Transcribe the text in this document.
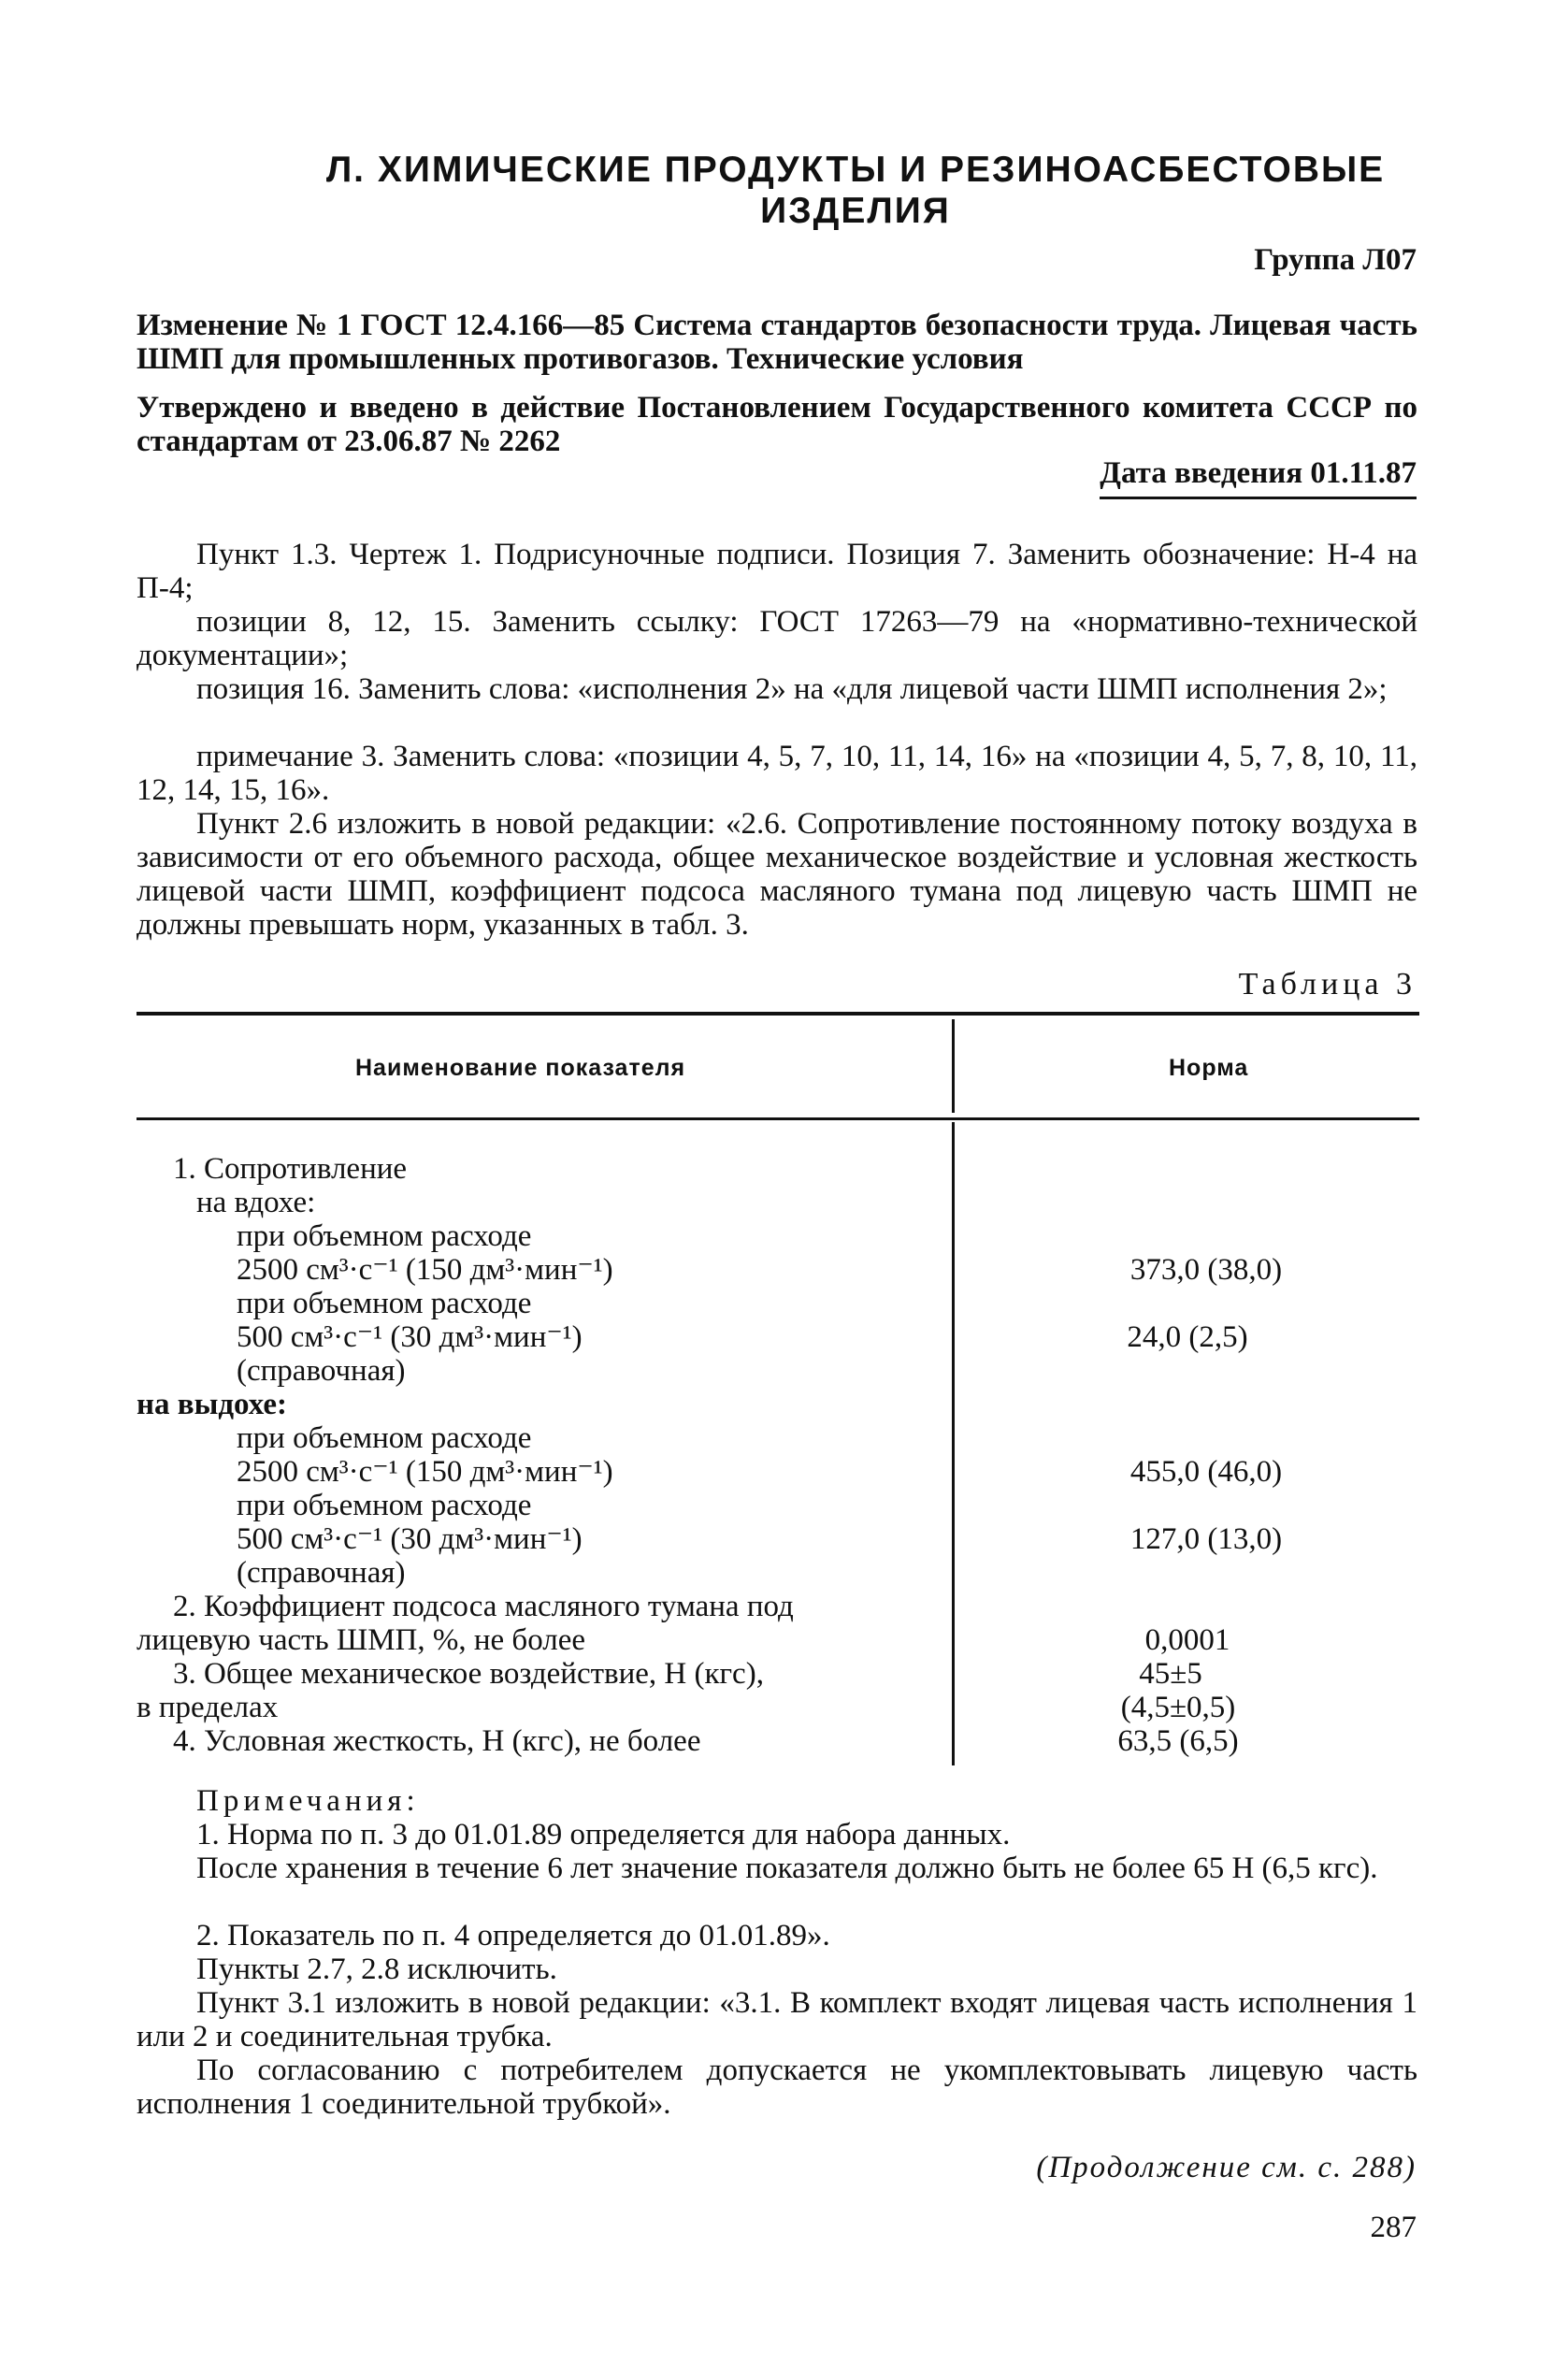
Л. ХИМИЧЕСКИЕ ПРОДУКТЫ И РЕЗИНОАСБЕСТОВЫЕ ИЗДЕЛИЯ
Группа Л07
Изменение № 1 ГОСТ 12.4.166—85 Система стандартов безопасности труда. Лицевая часть ШМП для промышленных противогазов. Технические условия
Утверждено и введено в действие Постановлением Государственного комитета СССР по стандартам от 23.06.87 № 2262
Дата введения 01.11.87
Пункт 1.3. Чертеж 1. Подрисуночные подписи. Позиция 7. Заменить обозначение: Н-4 на П-4;
позиции 8, 12, 15. Заменить ссылку: ГОСТ 17263—79 на «нормативно-технической документации»;
позиция 16. Заменить слова: «исполнения 2» на «для лицевой части ШМП исполнения 2»;
примечание 3. Заменить слова: «позиции 4, 5, 7, 10, 11, 14, 16» на «позиции 4, 5, 7, 8, 10, 11, 12, 14, 15, 16».
Пункт 2.6 изложить в новой редакции: «2.6. Сопротивление постоянному потоку воздуха в зависимости от его объемного расхода, общее механическое воздействие и условная жесткость лицевой части ШМП, коэффициент подсоса масляного тумана под лицевую часть ШМП не должны превышать норм, указанных в табл. 3.
Таблица 3
Наименование показателя	Норма
1. Сопротивление
на вдохе:
при объемном расходе
2500 см³·с⁻¹ (150 дм³·мин⁻¹)
при объемном расходе
500 см³·с⁻¹ (30 дм³·мин⁻¹)
(справочная)
на выдохе:
при объемном расходе
2500 см³·с⁻¹ (150 дм³·мин⁻¹)
при объемном расходе
500 см³·с⁻¹ (30 дм³·мин⁻¹)
(справочная)
2. Коэффициент подсоса масляного тумана под
лицевую часть ШМП, %, не более
3. Общее механическое воздействие, Н (кгс),
в пределах
4. Условная жесткость, Н (кгс), не более
373,0 (38,0)
24,0 (2,5)
455,0 (46,0)
127,0 (13,0)
0,0001
45±5
(4,5±0,5)
63,5 (6,5)
Примечания:
1. Норма по п. 3 до 01.01.89 определяется для набора данных.
После хранения в течение 6 лет значение показателя должно быть не более 65 Н (6,5 кгс).
2. Показатель по п. 4 определяется до 01.01.89».
Пункты 2.7, 2.8 исключить.
Пункт 3.1 изложить в новой редакции: «3.1. В комплект входят лицевая часть исполнения 1 или 2 и соединительная трубка.
По согласованию с потребителем допускается не укомплектовывать лицевую часть исполнения 1 соединительной трубкой».
(Продолжение см. с. 288)
287
